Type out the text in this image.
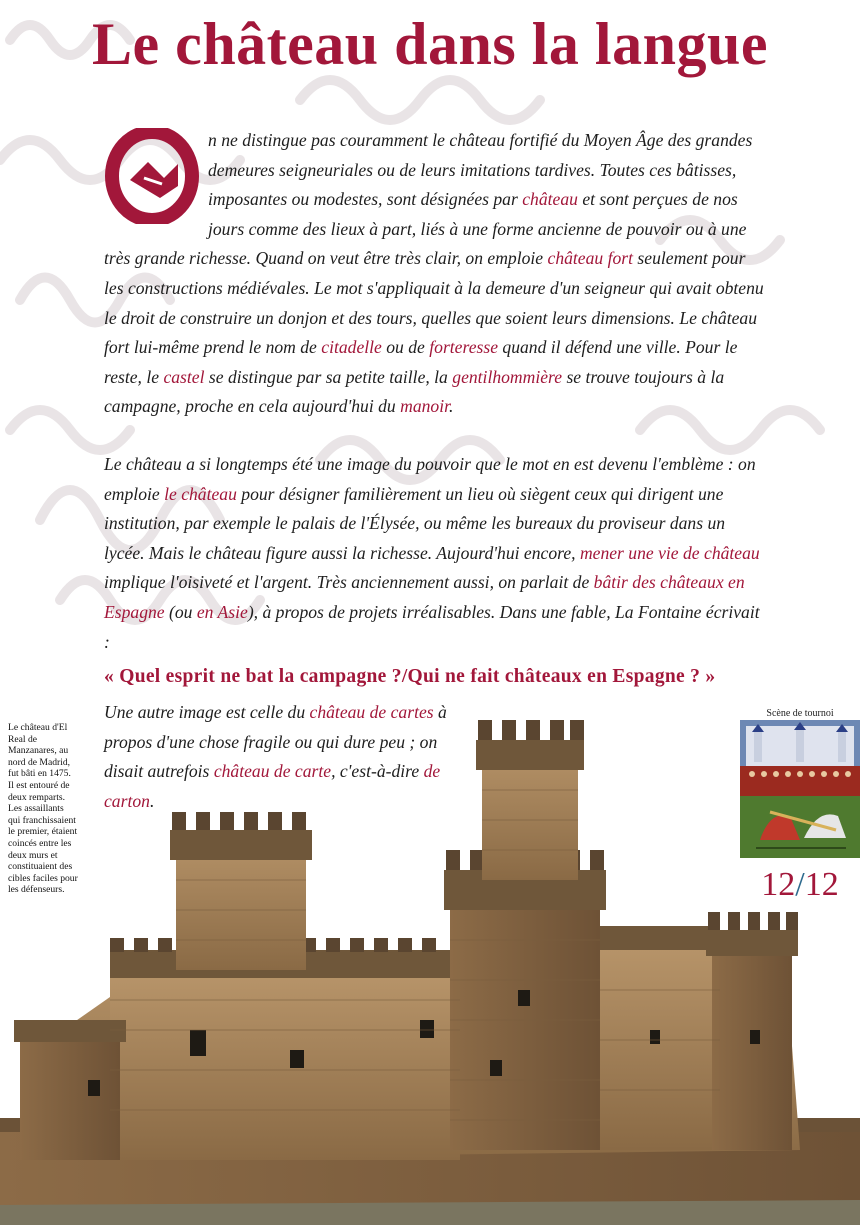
Le château dans la langue

n ne distingue pas couramment le château fortifié du Moyen Âge des grandes demeures seigneuriales ou de leurs imitations tardives. Toutes ces bâtisses, imposantes ou modestes, sont désignées par château et sont perçues de nos jours comme des lieux à part, liés à une forme ancienne de pouvoir ou à une très grande richesse. Quand on veut être très clair, on emploie château fort seulement pour les constructions médiévales. Le mot s'appliquait à la demeure d'un seigneur qui avait obtenu le droit de construire un donjon et des tours, quelles que soient leurs dimensions. Le château fort lui-même prend le nom de citadelle ou de forteresse quand il défend une ville. Pour le reste, le castel se distingue par sa petite taille, la gentilhommière se trouve toujours à la campagne, proche en cela aujourd'hui du manoir.

Le château a si longtemps été une image du pouvoir que le mot en est devenu l'emblème : on emploie le château pour désigner familièrement un lieu où siègent ceux qui dirigent une institution, par exemple le palais de l'Élysée, ou même les bureaux du proviseur dans un lycée. Mais le château figure aussi la richesse. Aujourd'hui encore, mener une vie de château implique l'oisiveté et l'argent. Très anciennement aussi, on parlait de bâtir des châteaux en Espagne (ou en Asie), à propos de projets irréalisables. Dans une fable, La Fontaine écrivait :

« Quel esprit ne bat la campagne ?/Qui ne fait châteaux en Espagne ? »
Une autre image est celle du château de cartes à propos d'une chose fragile ou qui dure peu ; on disait autrefois château de carte, c'est-à-dire de carton.
Le château d'El Real de Manzanares, au nord de Madrid, fut bâti en 1475. Il est entouré de deux remparts. Les assaillants qui franchissaient le premier, étaient coincés entre les deux murs et constituaient des cibles faciles pour les défenseurs.
Scène de tournoi
12/12
